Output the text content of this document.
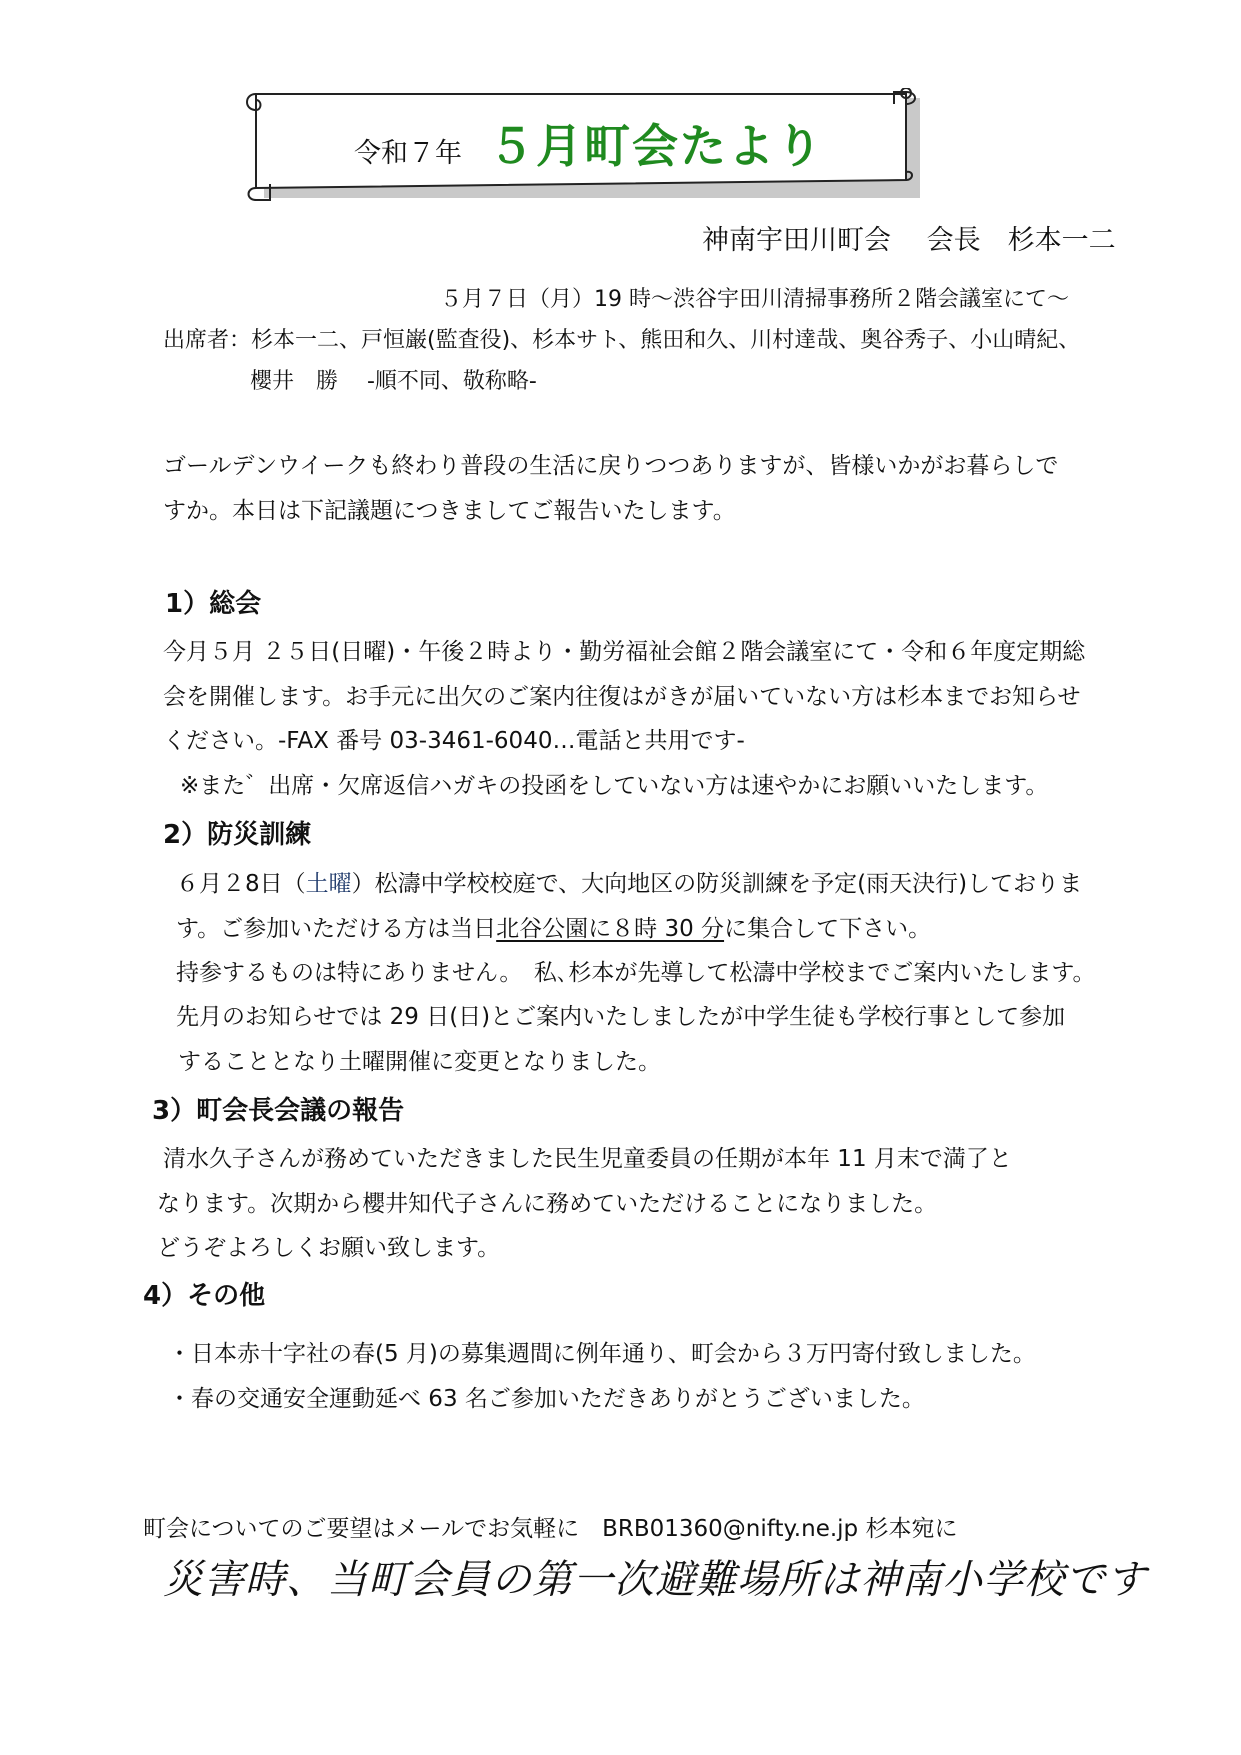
令和７年 ５月町会たより
神南宇田川町会　 会長　杉本一二
５月７日（月）19 時～渋谷宇田川清掃事務所２階会議室にて～
出席者：杉本一二、戸恒巌(監査役)、杉本サト、熊田和久、川村達哉、奥谷秀子、小山晴紀、
櫻井　勝　 -順不同、敬称略-
ゴールデンウイークも終わり普段の生活に戻りつつありますが、皆様いかがお暮らしで
すか。本日は下記議題につきましてご報告いたします。
1）総会
今月５月 ２５日(日曜)・午後２時より・勤労福祉会館２階会議室にて・令和６年度定期総
会を開催します。お手元に出欠のご案内往復はがきが届いていない方は杉本までお知らせ
ください。-FAX 番号 03-3461-6040…電話と共用です-
※また゛出席・欠席返信ハガキの投函をしていない方は速やかにお願いいたします。
2）防災訓練
６月２8日（土曜）松濤中学校校庭で、大向地区の防災訓練を予定(雨天決行)しておりま
す。ご参加いただける方は当日北谷公園に８時 30 分に集合して下さい。
持参するものは特にありません。　私､杉本が先導して松濤中学校までご案内いたします。
先月のお知らせでは 29 日(日)とご案内いたしましたが中学生徒も学校行事として参加
することとなり土曜開催に変更となりました。
3）町会長会議の報告
清水久子さんが務めていただきました民生児童委員の任期が本年 11 月末で満了と
なります。次期から櫻井知代子さんに務めていただけることになりました。
どうぞよろしくお願い致します。
4）その他
・日本赤十字社の春(5 月)の募集週間に例年通り、町会から３万円寄付致しました。
・春の交通安全運動延べ 63 名ご参加いただきありがとうございました。
町会についてのご要望はメールでお気軽に　BRB01360@nifty.ne.jp 杉本宛に
災害時、当町会員の第一次避難場所は神南小学校です
